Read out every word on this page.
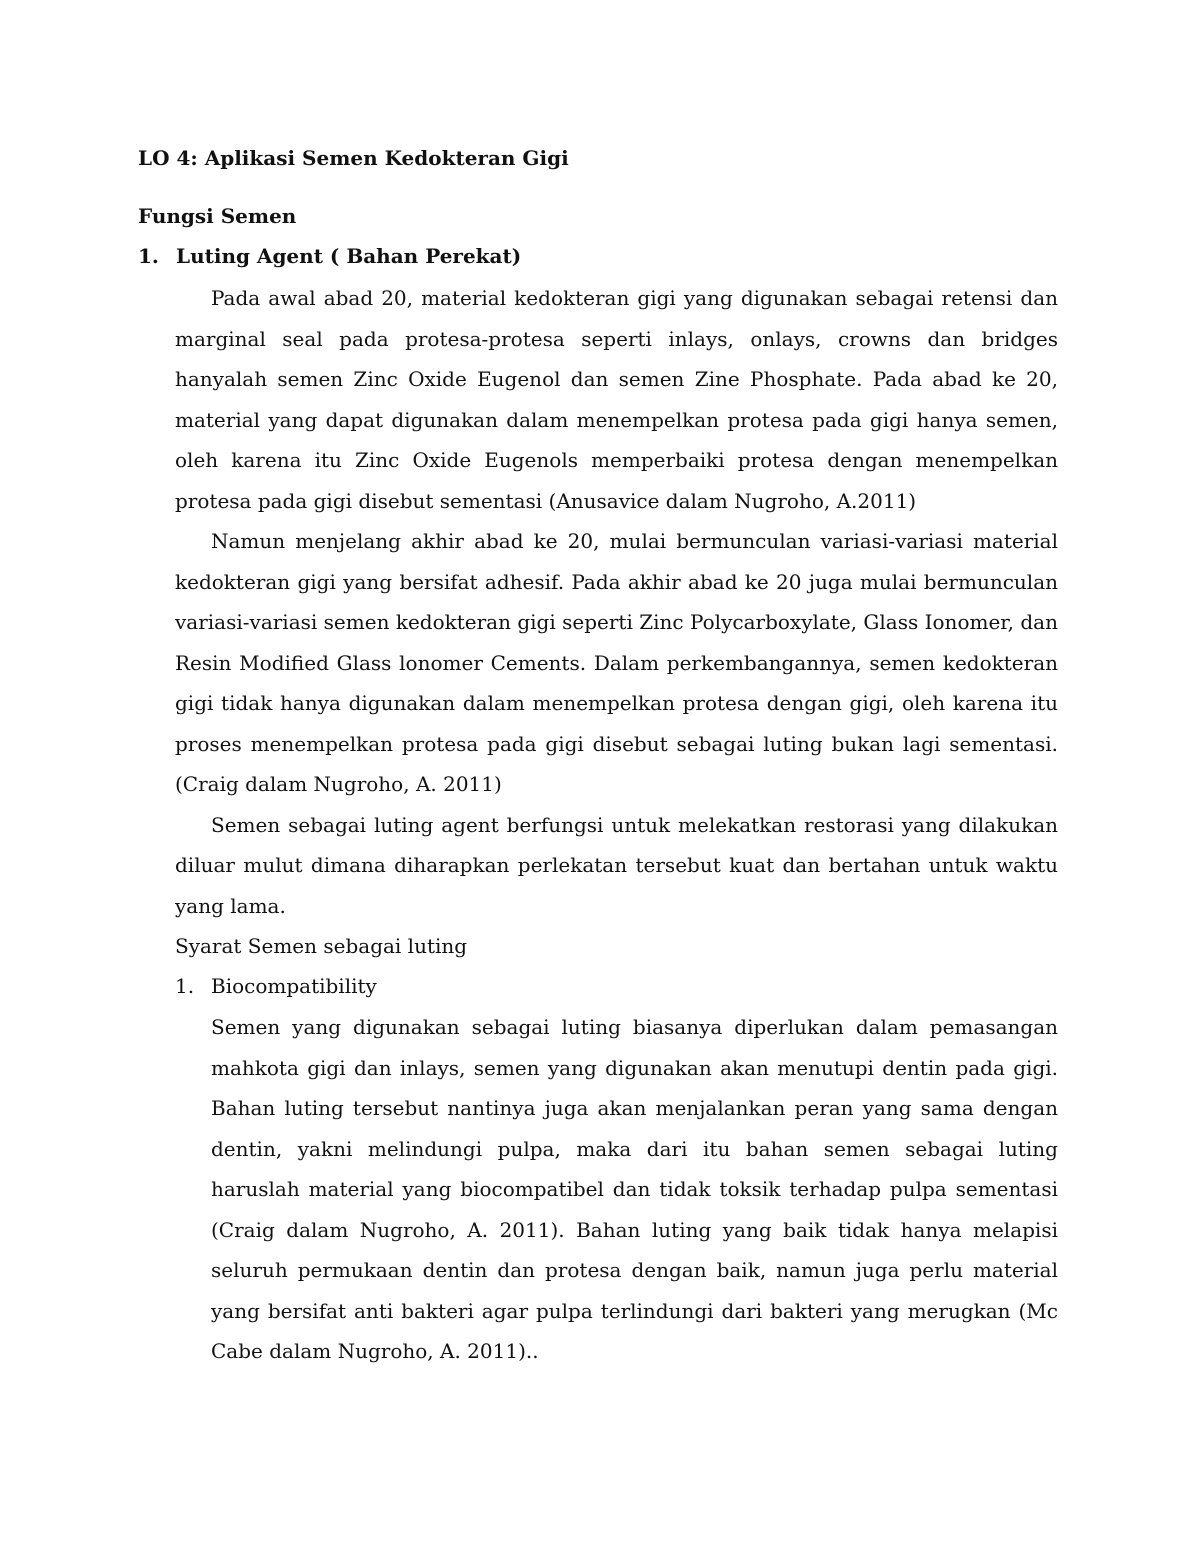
LO 4: Aplikasi Semen Kedokteran Gigi
Fungsi Semen
1. Luting Agent ( Bahan Perekat)

Pada awal abad 20, material kedokteran gigi yang digunakan sebagai retensi dan marginal seal pada protesa-protesa seperti inlays, onlays, crowns dan bridges hanyalah semen Zinc Oxide Eugenol dan semen Zine Phosphate. Pada abad ke 20, material yang dapat digunakan dalam menempelkan protesa pada gigi hanya semen, oleh karena itu Zinc Oxide Eugenols memperbaiki protesa dengan menempelkan protesa pada gigi disebut sementasi (Anusavice dalam Nugroho, A.2011)

Namun menjelang akhir abad ke 20, mulai bermunculan variasi-variasi material kedokteran gigi yang bersifat adhesif. Pada akhir abad ke 20 juga mulai bermunculan variasi-variasi semen kedokteran gigi seperti Zinc Polycarboxylate, Glass Ionomer, dan Resin Modified Glass lonomer Cements. Dalam perkembangannya, semen kedokteran gigi tidak hanya digunakan dalam menempelkan protesa dengan gigi, oleh karena itu proses menempelkan protesa pada gigi disebut sebagai luting bukan lagi sementasi. (Craig dalam Nugroho, A. 2011)

Semen sebagai luting agent berfungsi untuk melekatkan restorasi yang dilakukan diluar mulut dimana diharapkan perlekatan tersebut kuat dan bertahan untuk waktu yang lama.

Syarat Semen sebagai luting
1. Biocompatibility

Semen yang digunakan sebagai luting biasanya diperlukan dalam pemasangan mahkota gigi dan inlays, semen yang digunakan akan menutupi dentin pada gigi. Bahan luting tersebut nantinya juga akan menjalankan peran yang sama dengan dentin, yakni melindungi pulpa, maka dari itu bahan semen sebagai luting haruslah material yang biocompatibel dan tidak toksik terhadap pulpa sementasi (Craig dalam Nugroho, A. 2011). Bahan luting yang baik tidak hanya melapisi seluruh permukaan dentin dan protesa dengan baik, namun juga perlu material yang bersifat anti bakteri agar pulpa terlindungi dari bakteri yang merugkan (Mc Cabe dalam Nugroho, A. 2011)..
